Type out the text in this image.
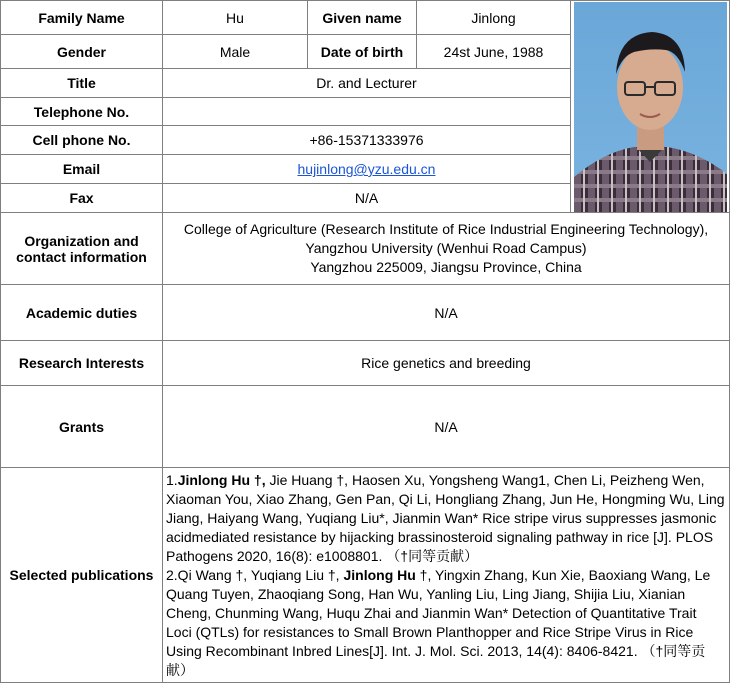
Family Name	Hu	Given name	Jinlong	

Gender	Male	Date of birth	24st June, 1988	
Title	Dr. and Lecturer			
Telephone No.				
Cell phone No.	+86-15371333976			
Email	hujinlong@yzu.edu.cn			
Fax	N/A			
Organization and contact information	College of Agriculture (Research Institute of Rice Industrial Engineering Technology),
Yangzhou University (Wenhui Road Campus)
Yangzhou 225009, Jiangsu Province, China			

Academic duties	N/A			
Research Interests	Rice genetics and breeding			
Grants	N/A			
Selected publications	1.Jinlong Hu †, Jie Huang †, Haosen Xu, Yongsheng Wang1, Chen Li, Peizheng Wen, Xiaoman You, Xiao Zhang, Gen Pan, Qi Li, Hongliang Zhang, Jun He, Hongming Wu, Ling Jiang, Haiyang Wang, Yuqiang Liu*, Jianmin Wan* Rice stripe virus suppresses jasmonic acidmediated resistance by hijacking brassinosteroid signaling pathway in rice [J]. PLOS Pathogens 2020, 16(8): e1008801. （†同等贡献）
2.Qi Wang †, Yuqiang Liu †, Jinlong Hu †, Yingxin Zhang, Kun Xie, Baoxiang Wang, Le Quang Tuyen, Zhaoqiang Song, Han Wu, Yanling Liu, Ling Jiang, Shijia Liu, Xianian Cheng, Chunming Wang, Huqu Zhai and Jianmin Wan* Detection of Quantitative Trait Loci (QTLs) for resistances to Small Brown Planthopper and Rice Stripe Virus in Rice Using Recombinant Inbred Lines[J]. Int. J. Mol. Sci. 2013, 14(4): 8406-8421. （†同等贡献）			
